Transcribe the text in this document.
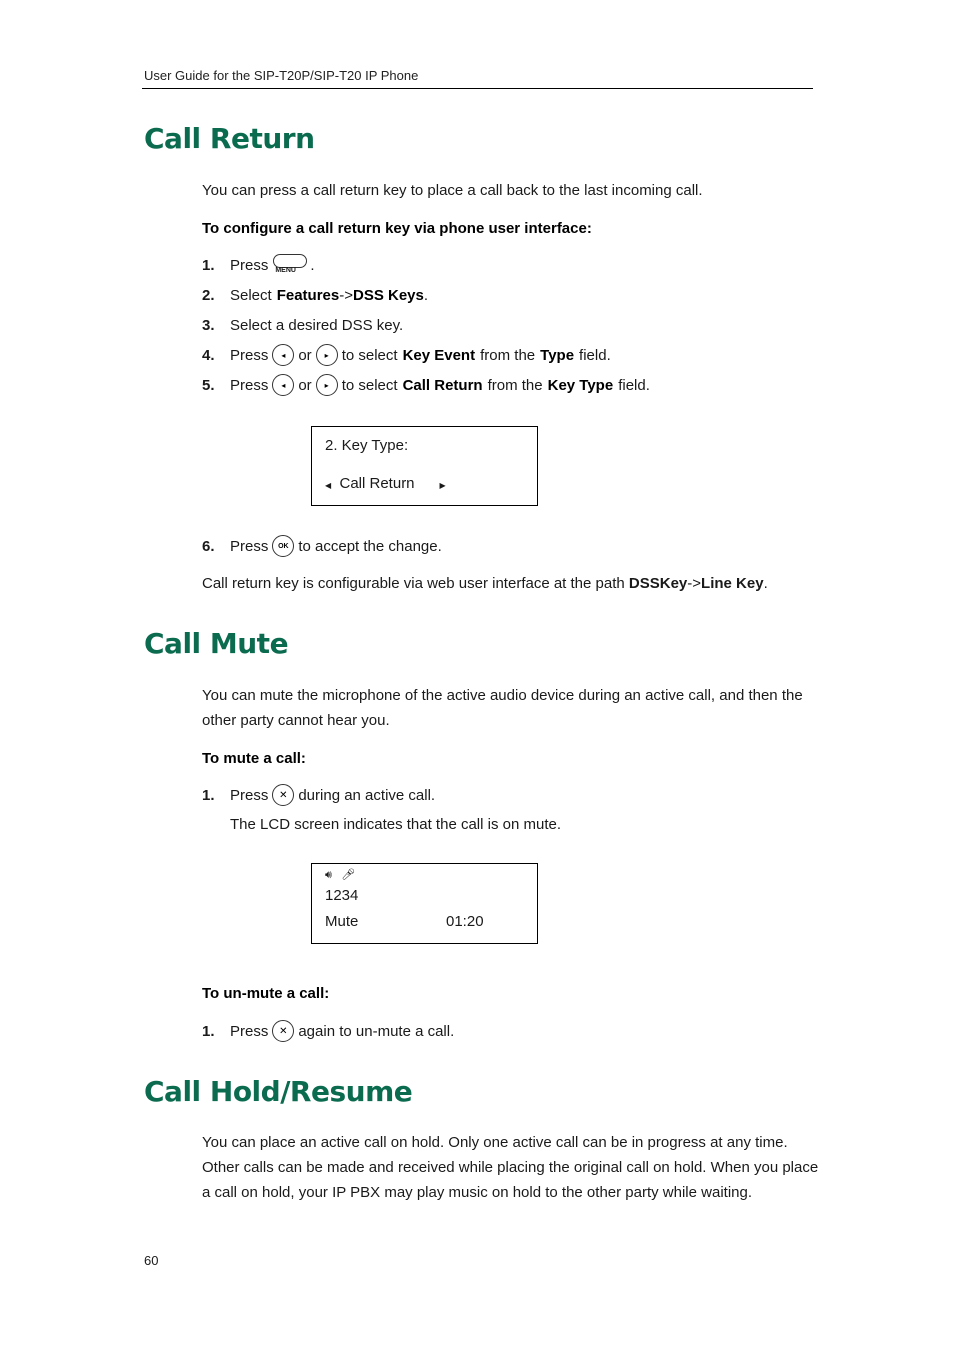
User Guide for the SIP-T20P/SIP-T20 IP Phone
Call Return
You can press a call return key to place a call back to the last incoming call.
To configure a call return key via phone user interface:
1.	Press MENU .
2.	Select Features -> DSS Keys .
3.	Select a desired DSS key.
4.	Press	◂ or	▸ to select Key Event from the Type field.
5.	Press	◂ or	▸ to select Call Return from the Key Type field.
2. Key Type:
◀ Call Return	▶
6.	Press	OK to accept the change.
Call return key is configurable via web user interface at the path DSSKey->Line Key.
Call Mute
You can mute the microphone of the active audio device during an active call, and then the other party cannot hear you.
To mute a call:
1.	Press	✕ during an active call.
The LCD screen indicates that the call is on mute.
🔊︎ 🎤︎
1234
Mute	01:20
To un-mute a call:
1.	Press	✕ again to un-mute a call.
Call Hold/Resume
You can place an active call on hold. Only one active call can be in progress at any time. Other calls can be made and received while placing the original call on hold. When you place a call on hold, your IP PBX may play music on hold to the other party while waiting.
60
